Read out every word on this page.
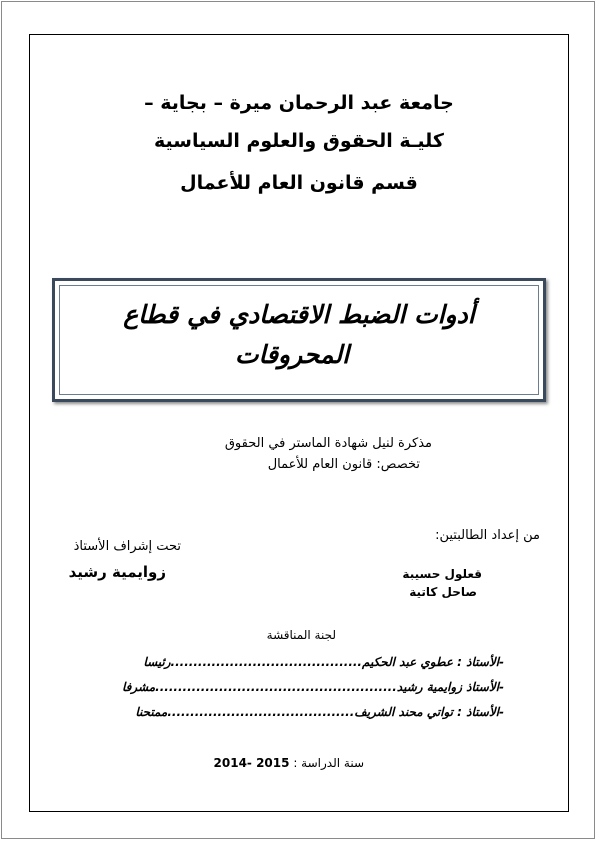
جامعة عبد الرحمان ميرة – بجاية –
كليـة الحقوق والعلوم السياسية
قسم قانون العام للأعمال
أدوات الضبط الاقتصادي في قطاع
المحروقات
مذكرة لنيل شهادة الماستر في الحقوق
تخصص: قانون العام للأعمال
من إعداد الطالبتين:
قعلول حسيبة
صاحل كاتية
تحت إشراف الأستاذ
زوايمية رشيد
لجنة المناقشة
-الأستاذ : عطوي عبد الحكيم..........................................رئيسا
-الأستاذ زوايمية رشيد.....................................................مشرفا
-الأستاذ : تواتي محند الشريف.........................................ممتحنا
سنة الدراسة : 2014- 2015
